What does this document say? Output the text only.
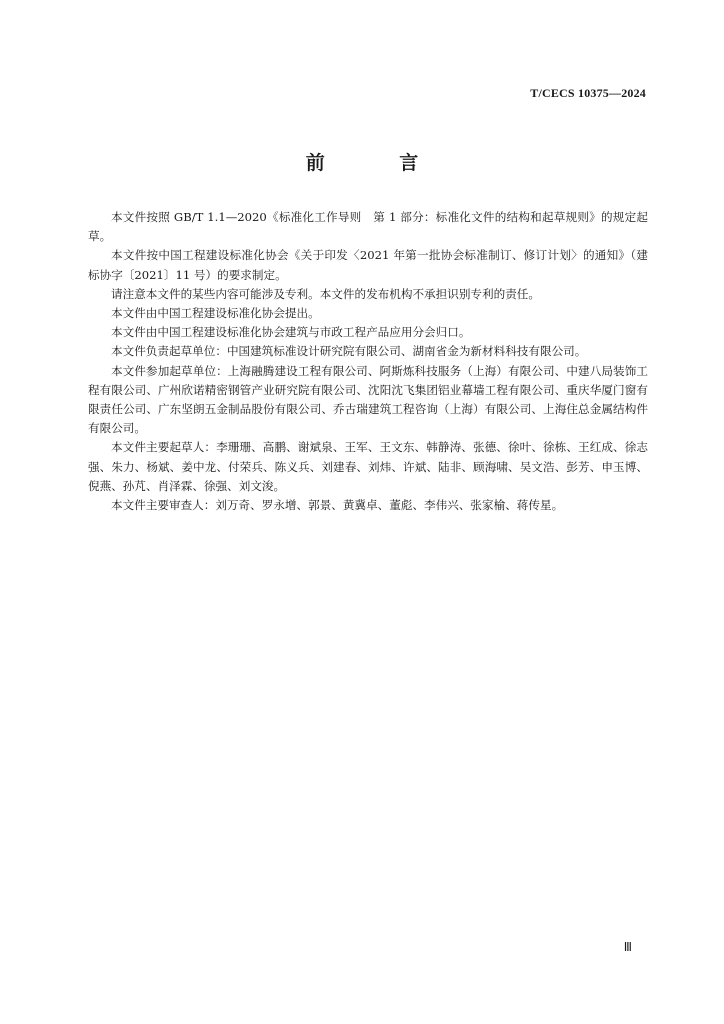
T/CECS 10375—2024
前 言

本文件按照 GB/T 1.1—2020《标准化工作导则　第 1 部分：标准化文件的结构和起草规则》的规定起草。

本文件按中国工程建设标准化协会《关于印发〈2021 年第一批协会标准制订、修订计划〉的通知》（建标协字〔2021〕11 号）的要求制定。

请注意本文件的某些内容可能涉及专利。本文件的发布机构不承担识别专利的责任。

本文件由中国工程建设标准化协会提出。

本文件由中国工程建设标准化协会建筑与市政工程产品应用分会归口。

本文件负责起草单位：中国建筑标准设计研究院有限公司、湖南省金为新材料科技有限公司。

本文件参加起草单位：上海融腾建设工程有限公司、阿斯炼科技服务（上海）有限公司、中建八局装饰工程有限公司、广州欣诺精密钢管产业研究院有限公司、沈阳沈飞集团铝业幕墙工程有限公司、重庆华厦门窗有限责任公司、广东坚朗五金制品股份有限公司、乔古瑞建筑工程咨询（上海）有限公司、上海住总金属结构件有限公司。

本文件主要起草人：李珊珊、高鹏、谢斌泉、王军、王文东、韩静涛、张德、徐叶、徐栋、王红成、徐志强、朱力、杨斌、姜中龙、付荣兵、陈义兵、刘建春、刘炜、许斌、陆非、顾海啸、吴文浩、彭芳、申玉博、倪燕、孙芃、肖泽霖、徐强、刘文浚。

本文件主要审查人：刘万奇、罗永增、郭景、黄冀卓、董彪、李伟兴、张家榆、蒋传星。

Ⅲ
